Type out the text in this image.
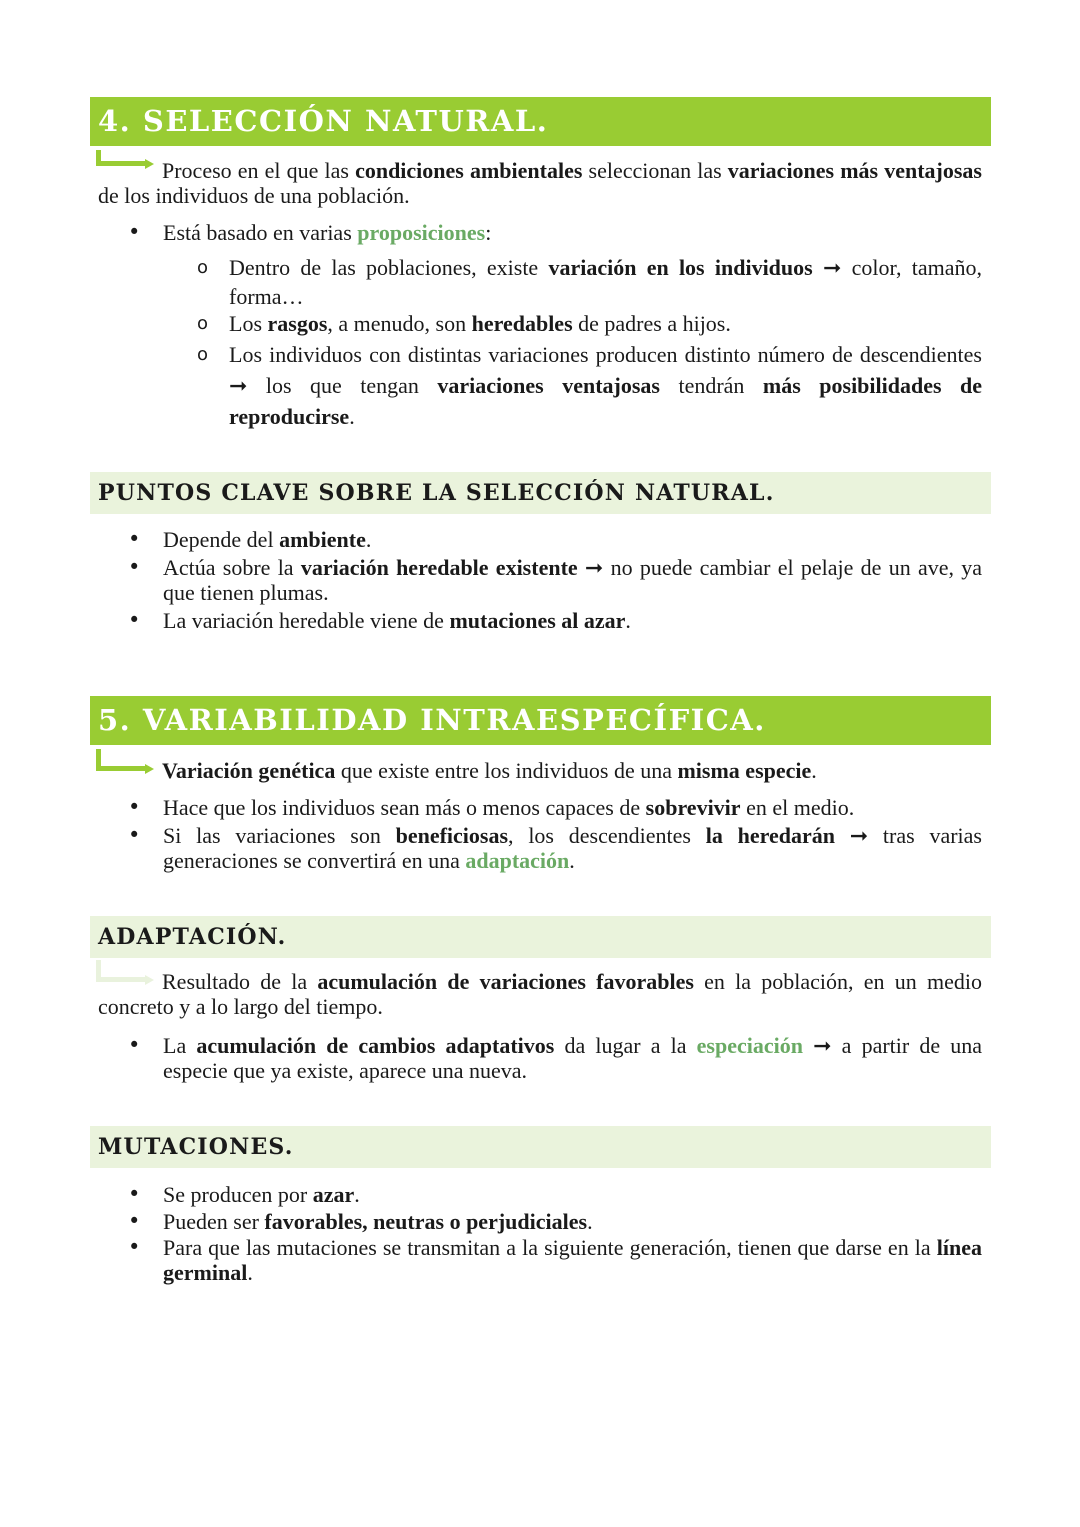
4. SELECCIÓN NATURAL.

Proceso en el que las condiciones ambientales seleccionan las variaciones más ventajosas de los individuos de una población.

• Está basado en varias proposiciones:
o Dentro de las poblaciones, existe variación en los individuos ➞ color, tamaño, forma…
o Los rasgos, a menudo, son heredables de padres a hijos.
o Los individuos con distintas variaciones producen distinto número de descendientes ➞ los que tengan variaciones ventajosas tendrán más posibilidades de reproducirse.
PUNTOS CLAVE SOBRE LA SELECCIÓN NATURAL.
• Depende del ambiente.
• Actúa sobre la variación heredable existente ➞ no puede cambiar el pelaje de un ave, ya que tienen plumas.
• La variación heredable viene de mutaciones al azar.
5. VARIABILIDAD INTRAESPECÍFICA.

Variación genética que existe entre los individuos de una misma especie.

• Hace que los individuos sean más o menos capaces de sobrevivir en el medio.
• Si las variaciones son beneficiosas, los descendientes la heredarán ➞ tras varias generaciones se convertirá en una adaptación.
ADAPTACIÓN.

Resultado de la acumulación de variaciones favorables en la población, en un medio concreto y a lo largo del tiempo.

• La acumulación de cambios adaptativos da lugar a la especiación ➞ a partir de una especie que ya existe, aparece una nueva.
MUTACIONES.
• Se producen por azar.
• Pueden ser favorables, neutras o perjudiciales.
• Para que las mutaciones se transmitan a la siguiente generación, tienen que darse en la línea germinal.
